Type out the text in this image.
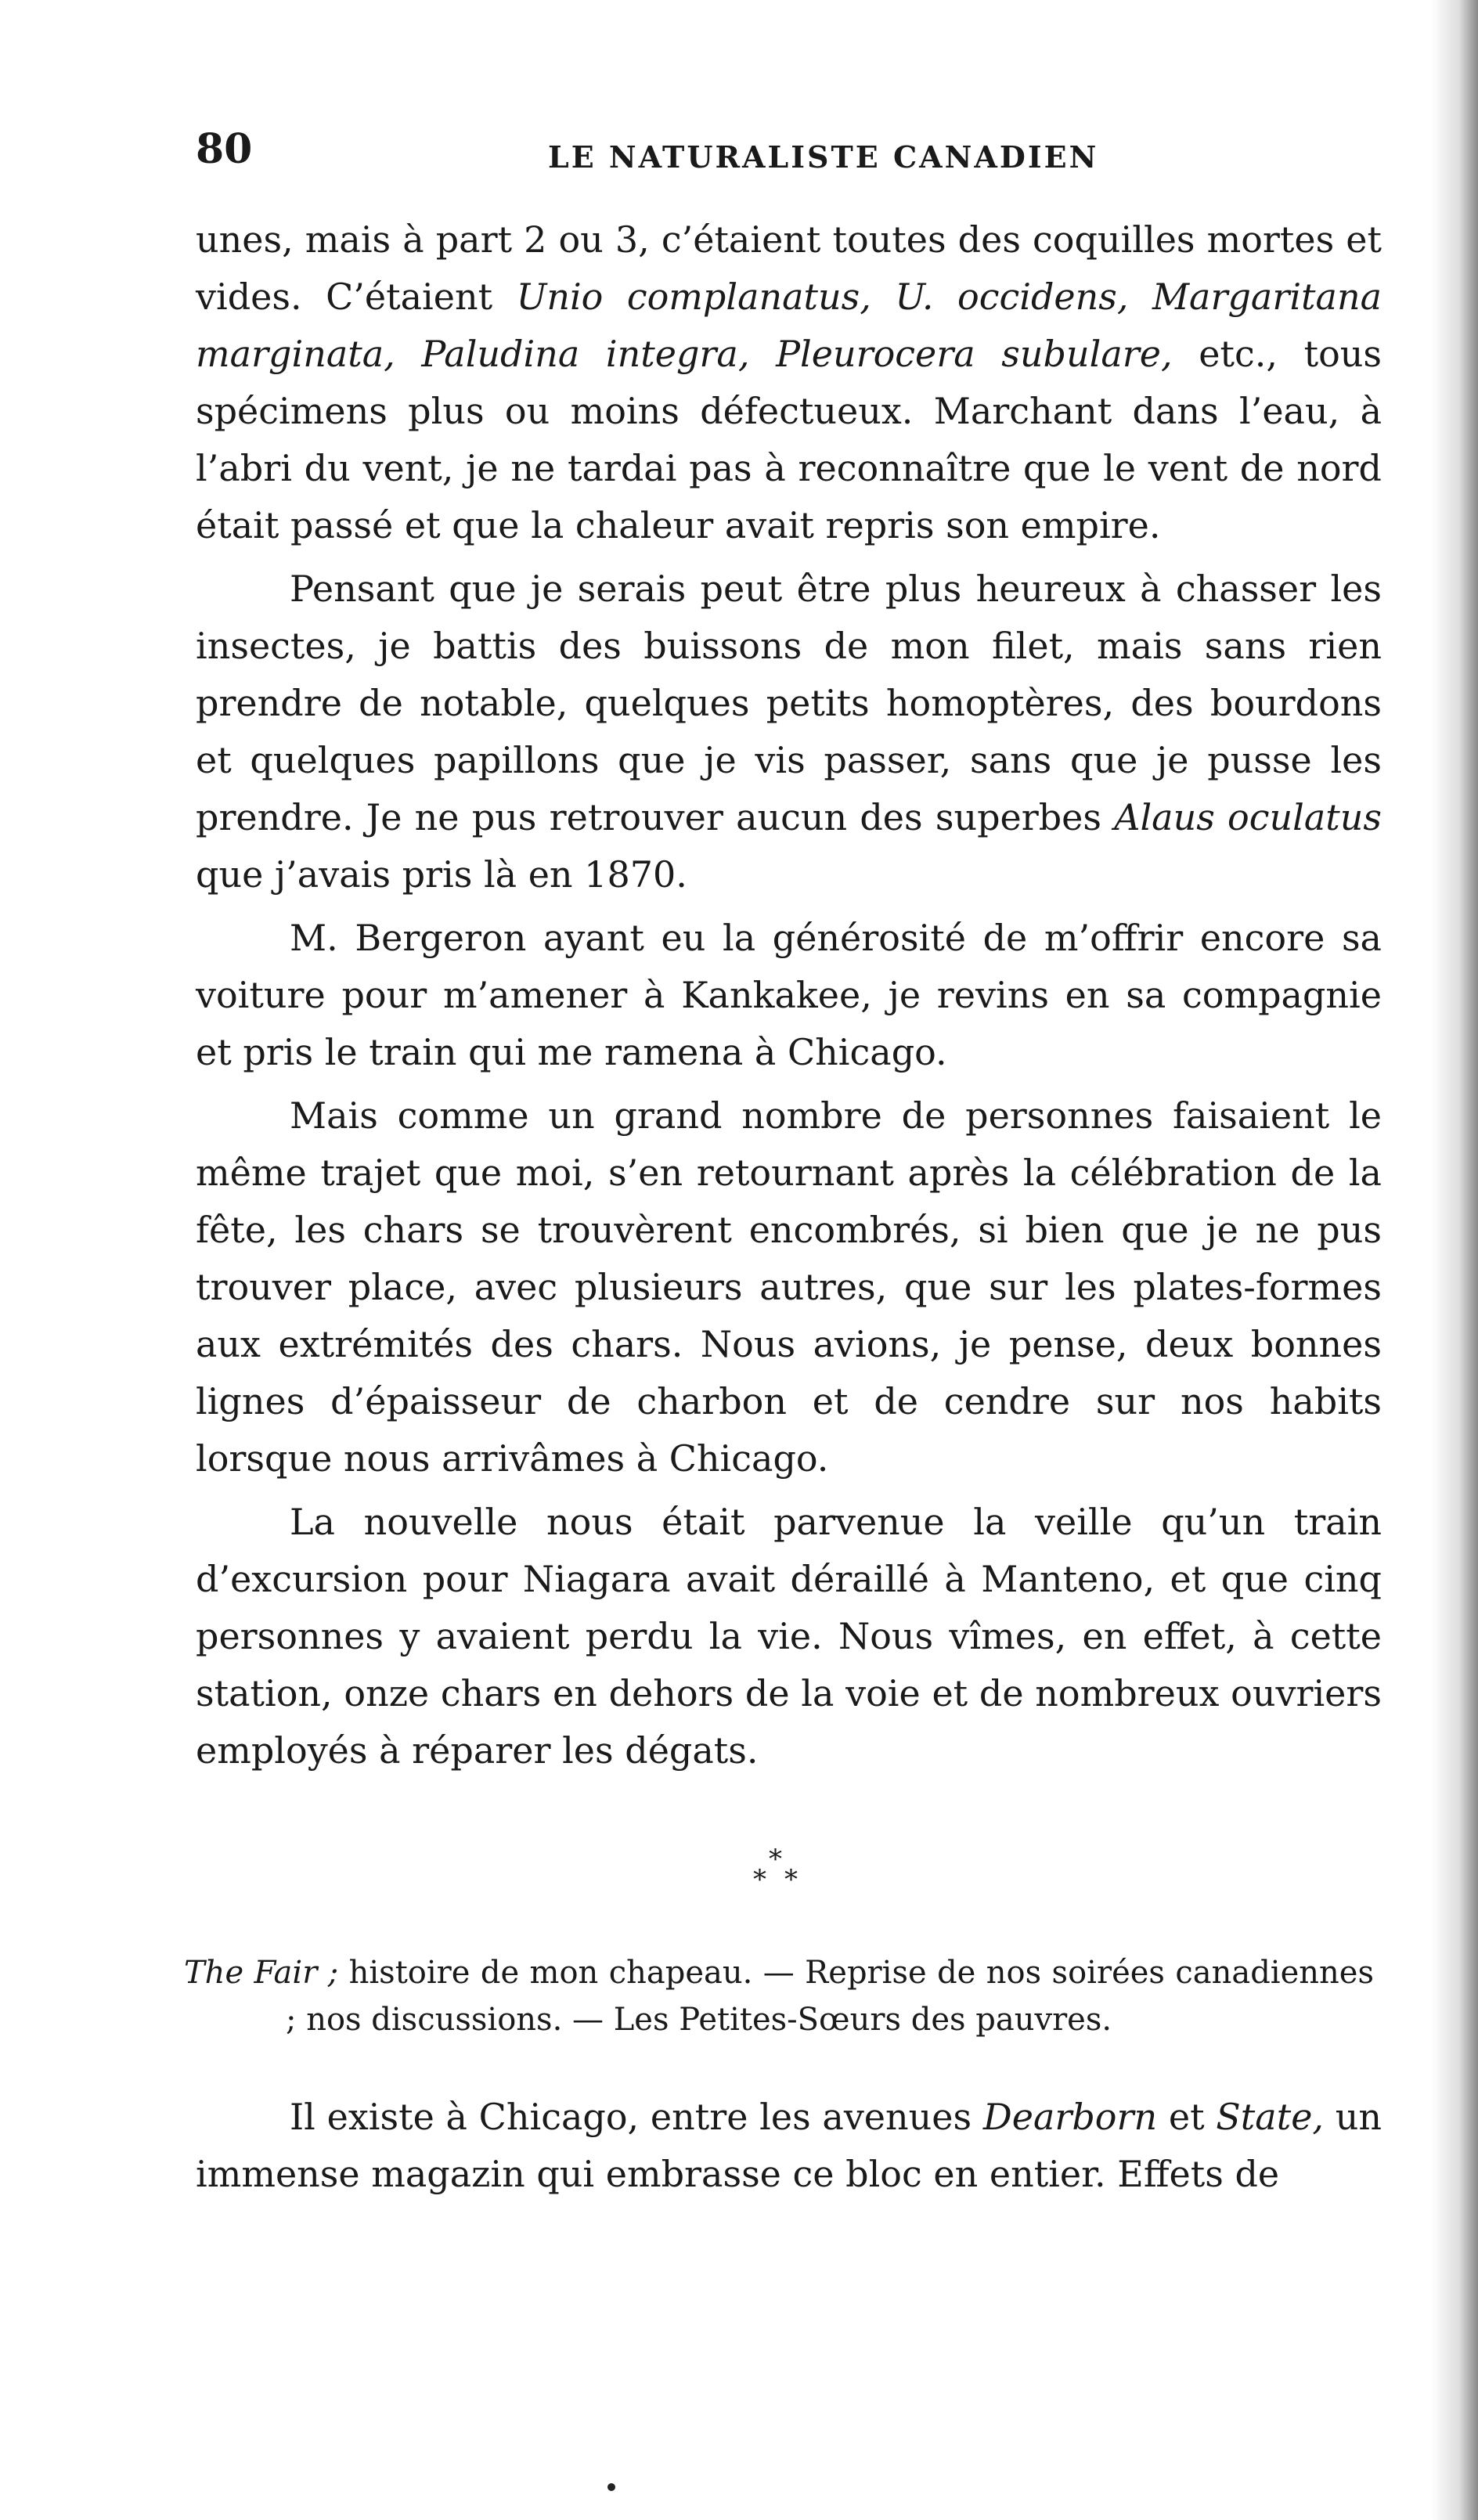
80	LE NATURALISTE CANADIEN

unes, mais à part 2 ou 3, c’étaient toutes des coquilles mortes et vides. C’étaient Unio complanatus, U. occidens, Margaritana marginata, Paludina integra, Pleurocera subulare, etc., tous spécimens plus ou moins défectueux. Marchant dans l’eau, à l’abri du vent, je ne tardai pas à reconnaître que le vent de nord était passé et que la chaleur avait repris son empire.

Pensant que je serais peut être plus heureux à chasser les insectes, je battis des buissons de mon filet, mais sans rien prendre de notable, quelques petits homoptères, des bourdons et quelques papillons que je vis passer, sans que je pusse les prendre. Je ne pus retrouver aucun des superbes Alaus oculatus que j’avais pris là en 1870.

M. Bergeron ayant eu la générosité de m’offrir encore sa voiture pour m’amener à Kankakee, je revins en sa compagnie et pris le train qui me ramena à Chicago.

Mais comme un grand nombre de personnes faisaient le même trajet que moi, s’en retournant après la célébration de la fête, les chars se trouvèrent encombrés, si bien que je ne pus trouver place, avec plusieurs autres, que sur les plates-formes aux extrémités des chars. Nous avions, je pense, deux bonnes lignes d’épaisseur de charbon et de cendre sur nos habits lorsque nous arrivâmes à Chicago.

La nouvelle nous était parvenue la veille qu’un train d’excursion pour Niagara avait déraillé à Manteno, et que cinq personnes y avaient perdu la vie. Nous vîmes, en effet, à cette station, onze chars en dehors de la voie et de nombreux ouvriers employés à réparer les dégats.

*
* *

The Fair ; histoire de mon chapeau. — Reprise de nos soirées canadiennes ; nos discussions. — Les Petites-Sœurs des pauvres.

Il existe à Chicago, entre les avenues Dearborn et State, un immense magazin qui embrasse ce bloc en entier. Effets de
